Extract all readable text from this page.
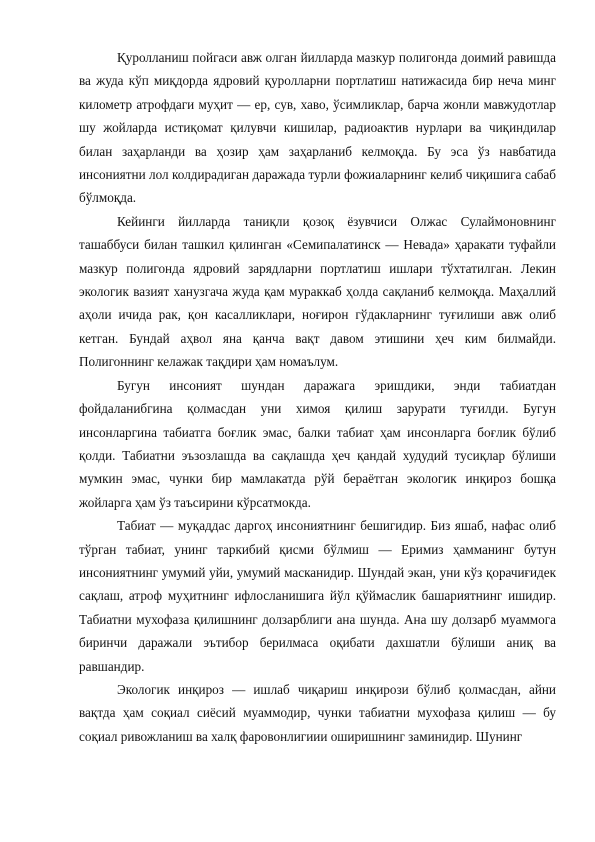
Қуролланиш пойгаси авж олган йилларда мазкур полигонда доимий равишда ва жуда кўп миқдорда ядровий қуролларни портлатиш натижасида бир неча минг километр атрофдаги муҳит — ер, сув, хаво, ўсимликлар, барча жонли мавжудотлар шу жойларда истиқомат қилувчи кишилар, радиоактив нурлари ва чиқиндилар билан заҳарланди ва ҳозир ҳам заҳарланиб келмоқда. Бу эса ўз навбатида инсониятни лол колдирадиган даражада турли фожиаларнинг келиб чиқишига сабаб бўлмоқда.

Кейинги йилларда таниқли қозоқ ёзувчиси Олжас Сулаймоновнинг ташаббуси билан ташкил қилинган «Семипалатинск — Невада» ҳаракати туфайли мазкур полигонда ядровий зарядларни портлатиш ишлари тўхтатилган. Лекин экологик вазият ханузгача жуда қам мураккаб ҳолда сақланиб келмоқда. Маҳаллий аҳоли ичида рак, қон касалликлари, ноғирон гўдакларнинг туғилиши авж олиб кетган. Бундай аҳвол яна қанча вақт давом этишини ҳеч ким билмайди. Полигоннинг келажак тақдири ҳам номаълум.

Бугун инсоният шундан даражага эришдики, энди табиатдан фойдаланибгина қолмасдан уни химоя қилиш зарурати туғилди. Бугун инсонларгина табиатга боғлик эмас, балки табиат ҳам инсонларга боғлик бўлиб қолди. Табиатни эъзозлашда ва сақлашда ҳеч қандай худудий тусиқлар бўлиши мумкин эмас, чунки бир мамлакатда рўй бераётган экологик инқироз бошқа жойларга ҳам ўз таъсирини кўрсатмокда.

Табиат — муқаддас даргоҳ инсониятнинг бешигидир. Биз яшаб, нафас олиб тўрган табиат, унинг таркибий қисми бўлмиш — Еримиз ҳамманинг бутун инсониятнинг умумий уйи, умумий масканидир. Шундай экан, уни кўз қорачиғидек сақлаш, атроф муҳитнинг ифлосланишига йўл қўймаслик башариятнинг ишидир. Табиатни мухофаза қилишнинг долзарблиги ана шунда. Ана шу долзарб муаммога биринчи даражали эътибор берилмаса оқибати дахшатли бўлиши аниқ ва равшандир.

Экологик инқироз — ишлаб чиқариш инқирози бўлиб қолмасдан, айни вақтда ҳам соқиал сиёсий муаммодир, чунки табиатни мухофаза қилиш — бу соқиал ривожланиш ва халқ фаровонлигиии оширишнинг заминидир. Шунинг
